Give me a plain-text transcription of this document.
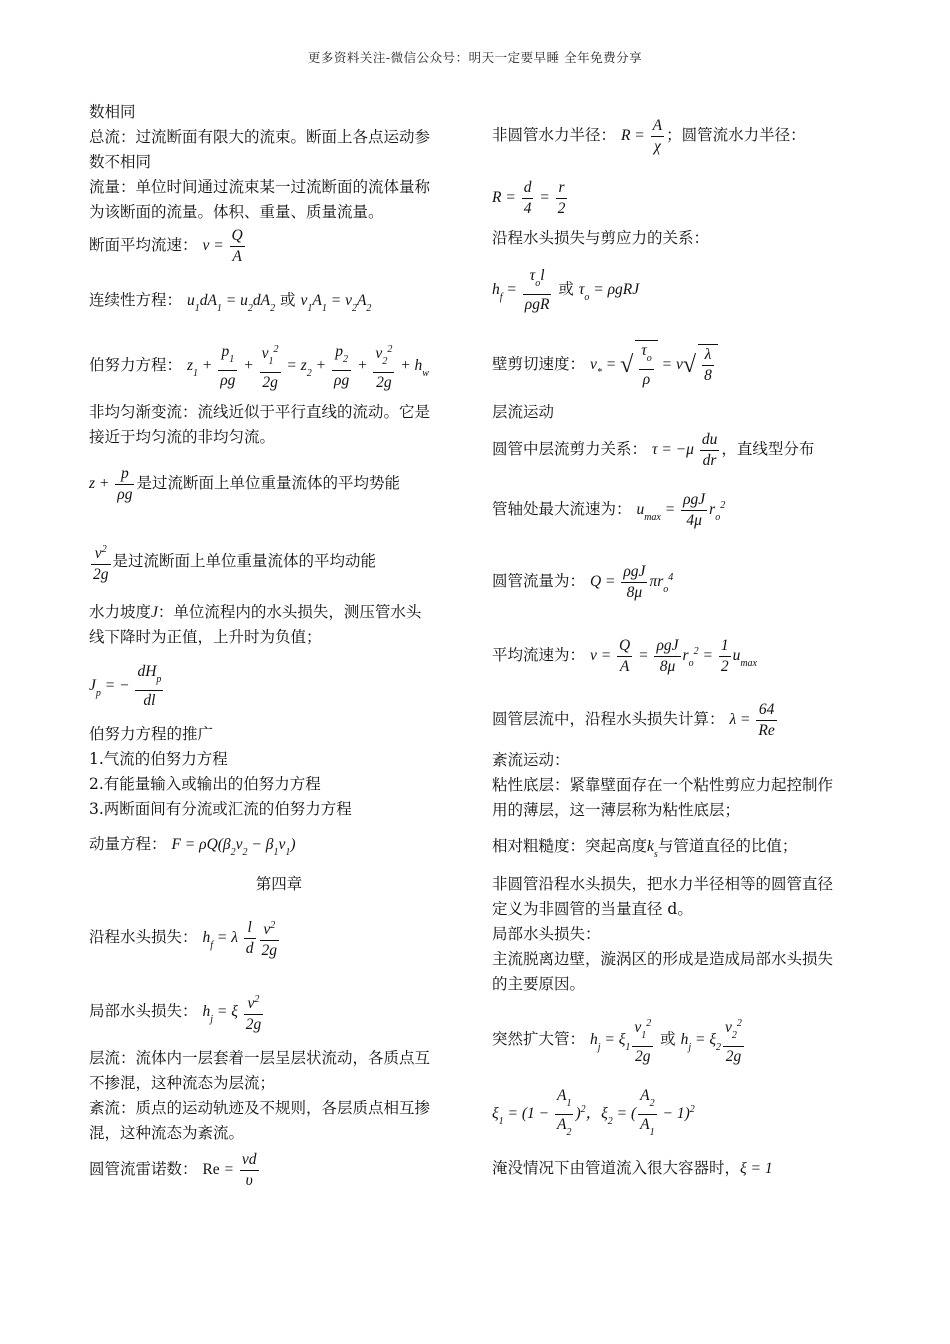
更多资料关注-微信公众号：明天一定要早睡 全年免费分享
数相同
总流：过流断面有限大的流束。断面上各点运动参
数不相同
流量：单位时间通过流束某一过流断面的流体量称
为该断面的流量。体积、重量、质量流量。
断面平均流速： $v = \frac{Q}{A}$
连续性方程： $u_1dA_1 = u_2dA_2$ 或 $v_1A_1 = v_2A_2$
伯努力方程： $z_1 + \frac{p_1}{\rho g} + \frac{v_1^2}{2g} = z_2 + \frac{p_2}{\rho g} + \frac{v_2^2}{2g} + h_w$
非均匀渐变流：流线近似于平行直线的流动。它是
接近于均匀流的非均匀流。
$z + \frac{p}{\rho g}$ 是过流断面上单位重量流体的平均势能
$\frac{v^2}{2g}$ 是过流断面上单位重量流体的平均动能
水力坡度J：单位流程内的水头损失，测压管水头
线下降时为正值，上升时为负值；
$J_p$ = − $\frac{dH_p}{dl}$
伯努力方程的推广
1.气流的伯努力方程
2.有能量输入或输出的伯努力方程
3.两断面间有分流或汇流的伯努力方程
动量方程： $F = \rho Q(\beta_2v_2 - \beta_1v_1)$
第四章
沿程水头损失： $h_f = \lambda \frac{l}{d} \frac{v^2}{2g}$
局部水头损失： $h_j = \xi \frac{v^2}{2g}$
层流：流体内一层套着一层呈层状流动，各质点互
不掺混，这种流态为层流；
紊流：质点的运动轨迹及不规则，各层质点相互掺
混，这种流态为紊流。
圆管流雷诺数： $Re = \frac{vd}{\upsilon}$
非圆管水力半径： $R = \frac{A}{\chi}$ ；圆管流水力半径：
$R = \frac{d}{4} = \frac{r}{2}$
沿程水头损失与剪应力的关系：
$h_f = \frac{\tau_ol}{\text{ρgR}}$ 或 $\tau_o = \rho gRJ$
壁剪切速度： $v_*$ = √ $\frac{\tau_o}{\rho} = v√ \frac{\lambda}{8}$
层流运动
圆管中层流剪力关系： $\tau = -\mu \frac{du}{dr}$ ，直线型分布
管轴处最大流速为： $u_{max} = \frac{\text{ρgJ}}{4\mu} r_o^2$
圆管流量为： $Q = \frac{\text{ρgJ}}{8\mu} \pi r_o^4$
平均流速为： $v = \frac{Q}{A} = \frac{\text{ρgJ}}{8\mu} r_o^2 = \frac{1}{2} u_{max}$
圆管层流中，沿程水头损失计算： $\lambda = \frac{64}{Re}$
紊流运动：
粘性底层：紧靠壁面存在一个粘性剪应力起控制作
用的薄层，这一薄层称为粘性底层；
相对粗糙度：突起高度$k_s$与管道直径的比值；
非圆管沿程水头损失，把水力半径相等的圆管直径
定义为非圆管的当量直径 d。
局部水头损失：
主流脱离边壁，漩涡区的形成是造成局部水头损失
的主要原因。
突然扩大管： $h_j = \xi_1 \frac{v_1^2}{2g}$ 或 $h_j = \xi_2 \frac{v_2^2}{2g}$
$\xi_1 = (1 - \frac{A_1}{A_2} )^2$，$\xi_2$ = ( $\frac{A_2}{A_1} - 1)^2$
淹没情况下由管道流入很大容器时，ξ = 1
